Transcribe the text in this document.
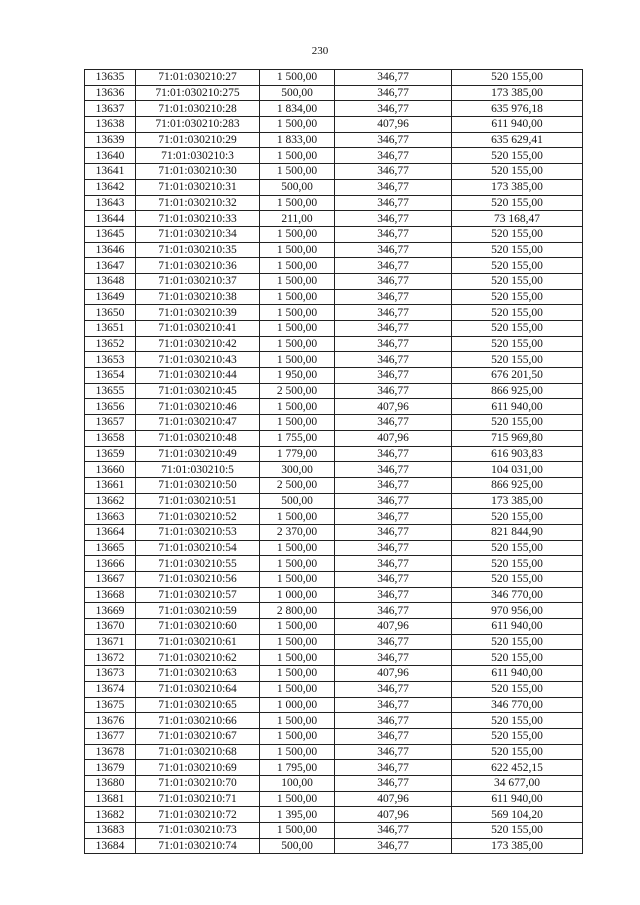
230
13635	71:01:030210:27	1 500,00	346,77	520 155,00
13636	71:01:030210:275	500,00	346,77	173 385,00
13637	71:01:030210:28	1 834,00	346,77	635 976,18
13638	71:01:030210:283	1 500,00	407,96	611 940,00
13639	71:01:030210:29	1 833,00	346,77	635 629,41
13640	71:01:030210:3	1 500,00	346,77	520 155,00
13641	71:01:030210:30	1 500,00	346,77	520 155,00
13642	71:01:030210:31	500,00	346,77	173 385,00
13643	71:01:030210:32	1 500,00	346,77	520 155,00
13644	71:01:030210:33	211,00	346,77	73 168,47
13645	71:01:030210:34	1 500,00	346,77	520 155,00
13646	71:01:030210:35	1 500,00	346,77	520 155,00
13647	71:01:030210:36	1 500,00	346,77	520 155,00
13648	71:01:030210:37	1 500,00	346,77	520 155,00
13649	71:01:030210:38	1 500,00	346,77	520 155,00
13650	71:01:030210:39	1 500,00	346,77	520 155,00
13651	71:01:030210:41	1 500,00	346,77	520 155,00
13652	71:01:030210:42	1 500,00	346,77	520 155,00
13653	71:01:030210:43	1 500,00	346,77	520 155,00
13654	71:01:030210:44	1 950,00	346,77	676 201,50
13655	71:01:030210:45	2 500,00	346,77	866 925,00
13656	71:01:030210:46	1 500,00	407,96	611 940,00
13657	71:01:030210:47	1 500,00	346,77	520 155,00
13658	71:01:030210:48	1 755,00	407,96	715 969,80
13659	71:01:030210:49	1 779,00	346,77	616 903,83
13660	71:01:030210:5	300,00	346,77	104 031,00
13661	71:01:030210:50	2 500,00	346,77	866 925,00
13662	71:01:030210:51	500,00	346,77	173 385,00
13663	71:01:030210:52	1 500,00	346,77	520 155,00
13664	71:01:030210:53	2 370,00	346,77	821 844,90
13665	71:01:030210:54	1 500,00	346,77	520 155,00
13666	71:01:030210:55	1 500,00	346,77	520 155,00
13667	71:01:030210:56	1 500,00	346,77	520 155,00
13668	71:01:030210:57	1 000,00	346,77	346 770,00
13669	71:01:030210:59	2 800,00	346,77	970 956,00
13670	71:01:030210:60	1 500,00	407,96	611 940,00
13671	71:01:030210:61	1 500,00	346,77	520 155,00
13672	71:01:030210:62	1 500,00	346,77	520 155,00
13673	71:01:030210:63	1 500,00	407,96	611 940,00
13674	71:01:030210:64	1 500,00	346,77	520 155,00
13675	71:01:030210:65	1 000,00	346,77	346 770,00
13676	71:01:030210:66	1 500,00	346,77	520 155,00
13677	71:01:030210:67	1 500,00	346,77	520 155,00
13678	71:01:030210:68	1 500,00	346,77	520 155,00
13679	71:01:030210:69	1 795,00	346,77	622 452,15
13680	71:01:030210:70	100,00	346,77	34 677,00
13681	71:01:030210:71	1 500,00	407,96	611 940,00
13682	71:01:030210:72	1 395,00	407,96	569 104,20
13683	71:01:030210:73	1 500,00	346,77	520 155,00
13684	71:01:030210:74	500,00	346,77	173 385,00
